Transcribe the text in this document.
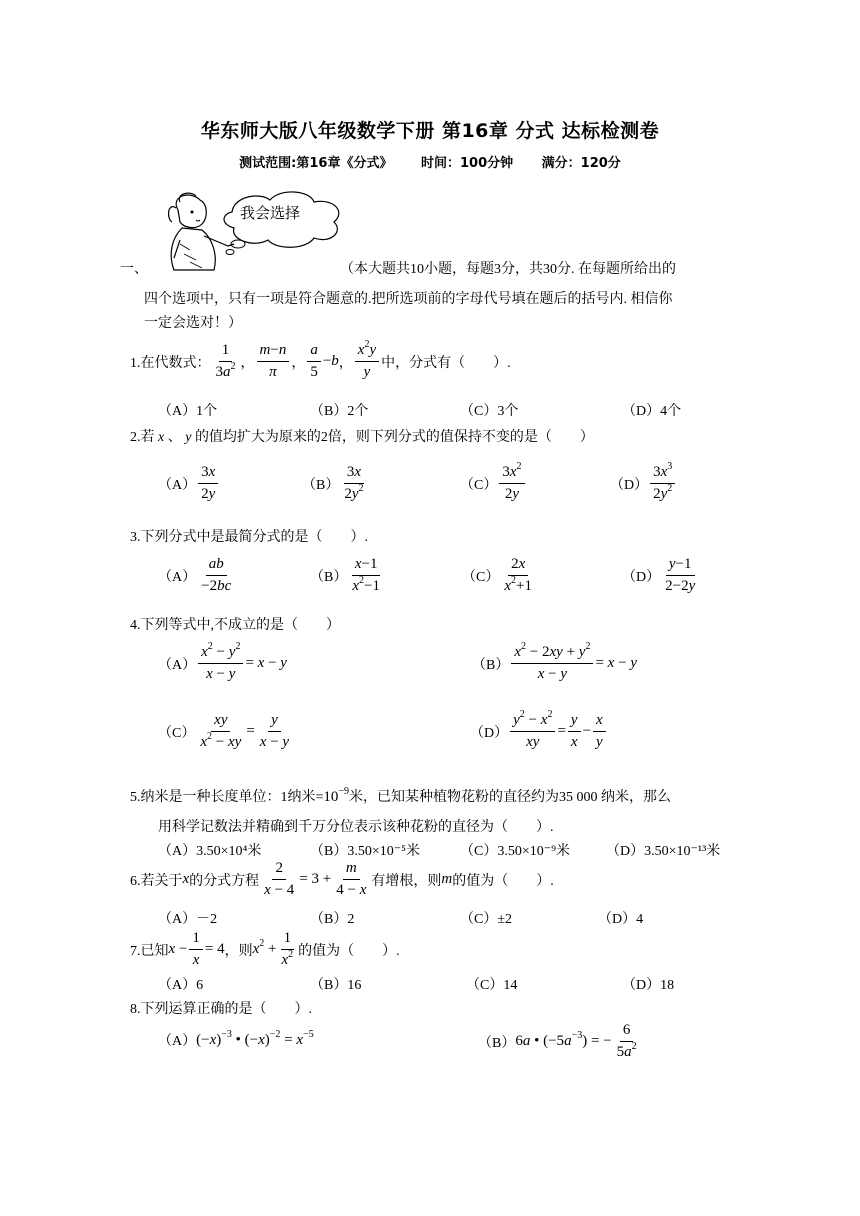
华东师大版八年级数学下册 第16章 分式 达标检测卷
测试范围:第16章《分式》 时间：100分钟 满分：120分
我会选择
一、	（本大题共10小题，每题3分，共30分. 在每题所给出的
四个选项中，只有一项是符合题意的.把所选项前的字母代号填在题后的括号内. 相信你
一定会选对！）
1.在代数式： $\frac{1}{3a^2}$ ， $\frac{m-n}{\pi}$ ， $\frac{a}{5} -b$ ， $\frac{x^2y}{y}$ 中，分式有（　　）.
（A）1个	（B）2个	（C）3个	（D）4个
2.若 x 、 y 的值均扩大为原来的2倍，则下列分式的值保持不变的是（　　）
$(A) \frac{3x}{2y}$	$(B) \frac{3x}{2y^2}$	$(C) \frac{3x^2}{2y}$	$(D) \frac{3x^3}{2y^2}$
3.下列分式中是最简分式的是（　　）.
$(A) \frac{ab}{-2bc}$	$(B) \frac{x-1}{x^2-1}$	$(C) \frac{2x}{x^2+1}$	$(D) \frac{y-1}{2-2y}$
4.下列等式中,不成立的是（　　）
$(A) \frac{x^2 - y^2}{x - y} = x - y$	$(B) \frac{x^2 - 2xy + y^2}{x - y} = x - y$
$(C) \frac{xy}{x^2 - xy} = \frac{y}{x - y}$	$(D) \frac{y^2 - x^2}{xy} = \frac{y}{x} - \frac{x}{y}$
5.纳米是一种长度单位：1纳米$=10^{-9}$米，已知某种植物花粉的直径约为35 000 纳米，那么
用科学记数法并精确到千万分位表示该种花粉的直径为（　　）.
（A）3.50×10⁴米	（B）3.50×10⁻⁵米	（C）3.50×10⁻⁹米	（D）3.50×10⁻¹³米
6.若关于 x 的分式方程 $\frac{2}{x - 4} = 3 + \frac{m}{4 - x}$ 有增根，则 m 的值为（　　）.
（A）－2	（B）2	（C）±2	（D）4
7.已知 $x - \frac{1}{x} = 4$ ，则 $x^2 + \frac{1}{x^2}$ 的值为（　　）.
（A）6	（B）16	（C）14	（D）18
8.下列运算正确的是（　　）.
（A） $(-x)^{-3}$ • $(-x)^{-2} = x^{-5}$
（B） 6a • $(-5a^{-3})$ = − $\frac{6}{5a^2}$
